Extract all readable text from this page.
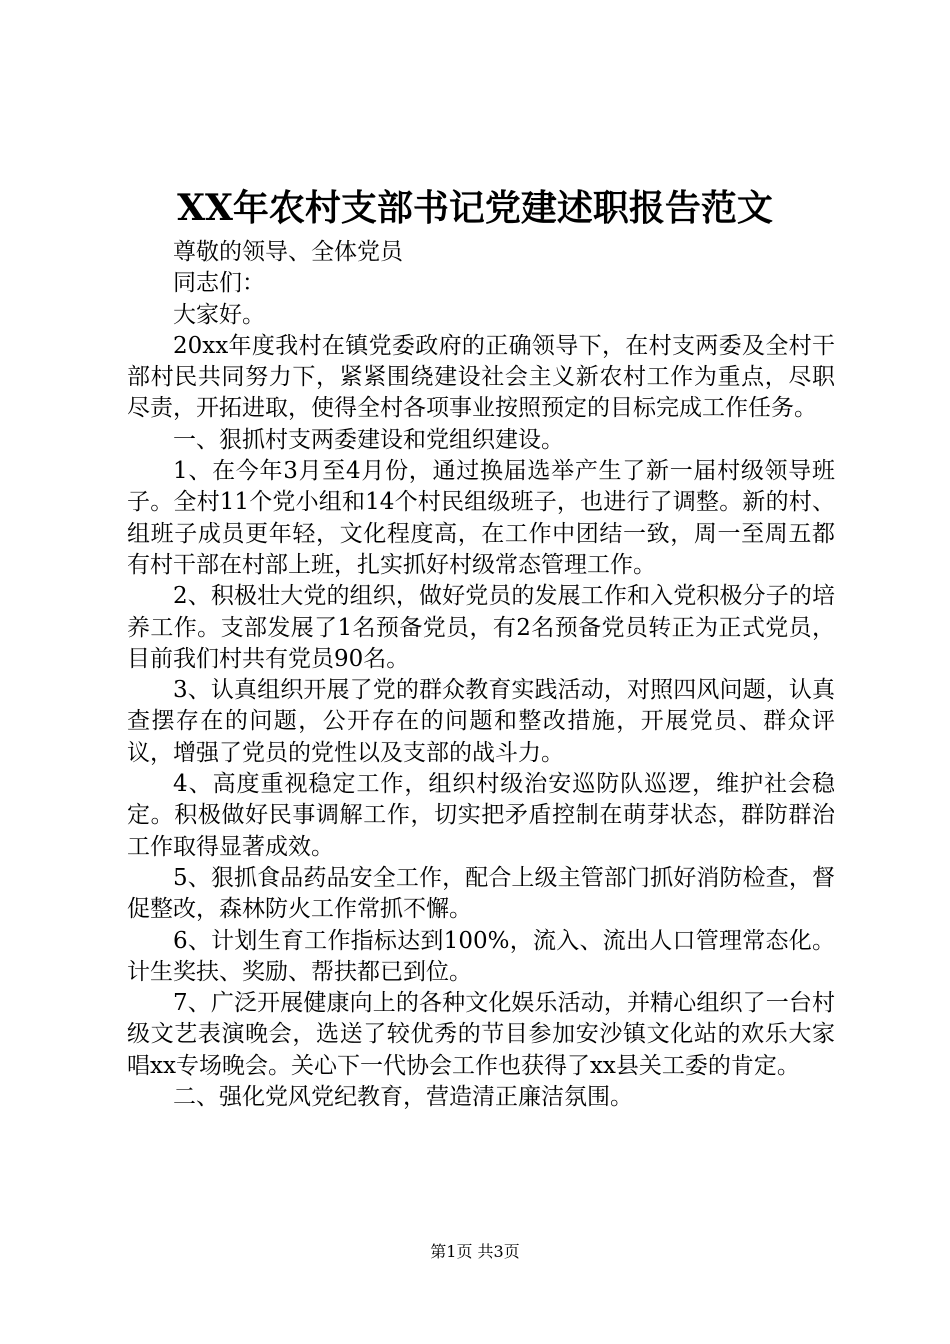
XX年农村支部书记党建述职报告范文

尊敬的领导、全体党员

同志们：

大家好。

20xx年度我村在镇党委政府的正确领导下，在村支两委及全村干部村民共同努力下，紧紧围绕建设社会主义新农村工作为重点，尽职尽责，开拓进取，使得全村各项事业按照预定的目标完成工作任务。

一、狠抓村支两委建设和党组织建设。

1、在今年3月至4月份，通过换届选举产生了新一届村级领导班子。全村11个党小组和14个村民组级班子，也进行了调整。新的村、组班子成员更年轻，文化程度高，在工作中团结一致，周一至周五都有村干部在村部上班，扎实抓好村级常态管理工作。

2、积极壮大党的组织，做好党员的发展工作和入党积极分子的培养工作。支部发展了1名预备党员，有2名预备党员转正为正式党员，目前我们村共有党员90名。

3、认真组织开展了党的群众教育实践活动，对照四风问题，认真查摆存在的问题，公开存在的问题和整改措施，开展党员、群众评议，增强了党员的党性以及支部的战斗力。

4、高度重视稳定工作，组织村级治安巡防队巡逻，维护社会稳定。积极做好民事调解工作，切实把矛盾控制在萌芽状态，群防群治工作取得显著成效。

5、狠抓食品药品安全工作，配合上级主管部门抓好消防检查，督促整改，森林防火工作常抓不懈。

6、计划生育工作指标达到100%，流入、流出人口管理常态化。计生奖扶、奖励、帮扶都已到位。

7、广泛开展健康向上的各种文化娱乐活动，并精心组织了一台村级文艺表演晚会，选送了较优秀的节目参加安沙镇文化站的欢乐大家唱xx专场晚会。关心下一代协会工作也获得了xx县关工委的肯定。

二、强化党风党纪教育，营造清正廉洁氛围。

第1页 共3页
